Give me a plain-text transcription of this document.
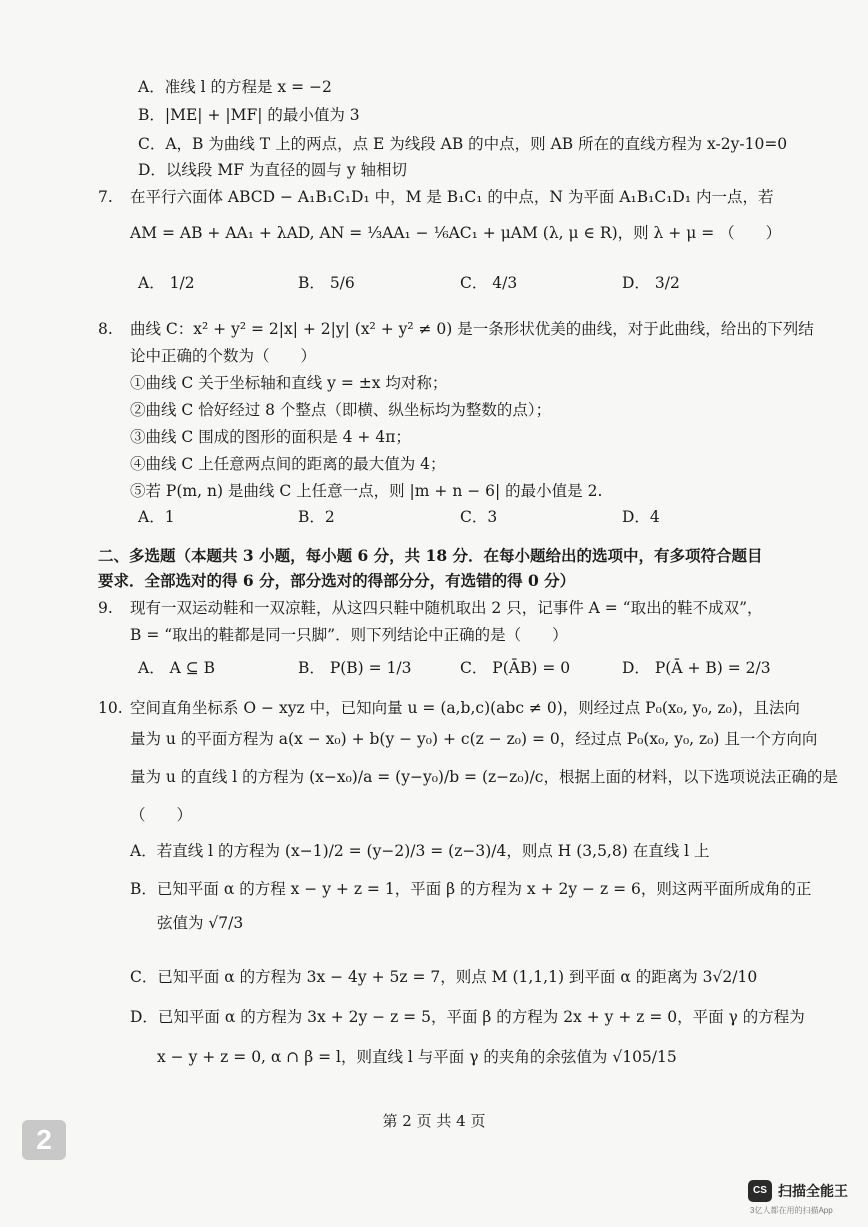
A．准线 l 的方程是 x = −2
B．|ME| + |MF| 的最小值为 3
C．A，B 为曲线 T 上的两点，点 E 为线段 AB 的中点，则 AB 所在的直线方程为 x-2y-10=0
D．以线段 MF 为直径的圆与 y 轴相切
7. 在平行六面体 ABCD − A₁B₁C₁D₁ 中，M 是 B₁C₁ 的中点，N 为平面 A₁B₁C₁D₁ 内一点，若
AM = AB + AA₁ + λAD, AN = ⅓AA₁ − ⅙AC₁ + μAM (λ, μ ∈ R)，则 λ + μ = （　　）
A． 1/2	B． 5/6	C． 4/3	D． 3/2
8. 曲线 C：x² + y² = 2|x| + 2|y| (x² + y² ≠ 0) 是一条形状优美的曲线，对于此曲线，给出的下列结
论中正确的个数为（　　）
①曲线 C 关于坐标轴和直线 y = ±x 均对称；
②曲线 C 恰好经过 8 个整点（即横、纵坐标均为整数的点）；
③曲线 C 围成的图形的面积是 4 + 4π；
④曲线 C 上任意两点间的距离的最大值为 4；
⑤若 P(m, n) 是曲线 C 上任意一点，则 |m + n − 6| 的最小值是 2.
A．1	B．2	C．3	D．4
二、多选题（本题共 3 小题，每小题 6 分，共 18 分．在每小题给出的选项中，有多项符合题目
要求．全部选对的得 6 分，部分选对的得部分分，有选错的得 0 分）
9. 现有一双运动鞋和一双凉鞋，从这四只鞋中随机取出 2 只，记事件 A = “取出的鞋不成双”，
B = “取出的鞋都是同一只脚”．则下列结论中正确的是（　　）
A． A ⊆ B	B． P(B) = 1/3	C． P(ĀB) = 0	D． P(Ā + B) = 2/3
10. 空间直角坐标系 O − xyz 中，已知向量 u = (a,b,c)(abc ≠ 0)，则经过点 P₀(x₀, y₀, z₀)，且法向
量为 u 的平面方程为 a(x − x₀) + b(y − y₀) + c(z − z₀) = 0，经过点 P₀(x₀, y₀, z₀) 且一个方向向
量为 u 的直线 l 的方程为 (x−x₀)/a = (y−y₀)/b = (z−z₀)/c，根据上面的材料，以下选项说法正确的是
（　　）
A．若直线 l 的方程为 (x−1)/2 = (y−2)/3 = (z−3)/4，则点 H (3,5,8) 在直线 l 上
B．已知平面 α 的方程 x − y + z = 1，平面 β 的方程为 x + 2y − z = 6，则这两平面所成角的正
弦值为 √7/3
C．已知平面 α 的方程为 3x − 4y + 5z = 7，则点 M (1,1,1) 到平面 α 的距离为 3√2/10
D．已知平面 α 的方程为 3x + 2y − z = 5，平面 β 的方程为 2x + y + z = 0，平面 γ 的方程为
x − y + z = 0, α ∩ β = l，则直线 l 与平面 γ 的夹角的余弦值为 √105/15
第 2 页 共 4 页
2
CS 扫描全能王
3亿人都在用的扫描App
